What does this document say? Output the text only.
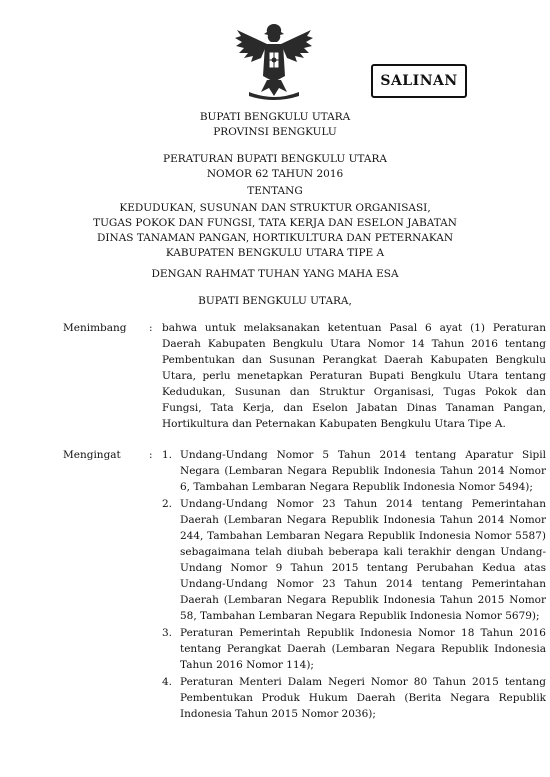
SALINAN
BUPATI BENGKULU UTARA
PROVINSI BENGKULU
PERATURAN BUPATI BENGKULU UTARA
NOMOR 62 TAHUN 2016
TENTANG
KEDUDUKAN, SUSUNAN DAN STRUKTUR ORGANISASI,
TUGAS POKOK DAN FUNGSI, TATA KERJA DAN ESELON JABATAN
DINAS TANAMAN PANGAN, HORTIKULTURA DAN PETERNAKAN
KABUPATEN BENGKULU UTARA TIPE A
DENGAN RAHMAT TUHAN YANG MAHA ESA
BUPATI BENGKULU UTARA,
Menimbang : bahwa untuk melaksanakan ketentuan Pasal 6 ayat (1) Peraturan Daerah Kabupaten Bengkulu Utara Nomor 14 Tahun 2016 tentang Pembentukan dan Susunan Perangkat Daerah Kabupaten Bengkulu Utara, perlu menetapkan Peraturan Bupati Bengkulu Utara tentang Kedudukan, Susunan dan Struktur Organisasi, Tugas Pokok dan Fungsi, Tata Kerja, dan Eselon Jabatan Dinas Tanaman Pangan, Hortikultura dan Peternakan Kabupaten Bengkulu Utara Tipe A.
Mengingat	: 1. Undang-Undang Nomor 5 Tahun 2014 tentang Aparatur Sipil Negara (Lembaran Negara Republik Indonesia Tahun 2014 Nomor 6, Tambahan Lembaran Negara Republik Indonesia Nomor 5494);
2. Undang-Undang Nomor 23 Tahun 2014 tentang Pemerintahan Daerah (Lembaran Negara Republik Indonesia Tahun 2014 Nomor 244, Tambahan Lembaran Negara Republik Indonesia Nomor 5587) sebagaimana telah diubah beberapa kali terakhir dengan Undang-Undang Nomor 9 Tahun 2015 tentang Perubahan Kedua atas Undang-Undang Nomor 23 Tahun 2014 tentang Pemerintahan Daerah (Lembaran Negara Republik Indonesia Tahun 2015 Nomor 58, Tambahan Lembaran Negara Republik Indonesia Nomor 5679);
3. Peraturan Pemerintah Republik Indonesia Nomor 18 Tahun 2016 tentang Perangkat Daerah (Lembaran Negara Republik Indonesia Tahun 2016 Nomor 114);
4. Peraturan Menteri Dalam Negeri Nomor 80 Tahun 2015 tentang Pembentukan Produk Hukum Daerah (Berita Negara Republik Indonesia Tahun 2015 Nomor 2036);
